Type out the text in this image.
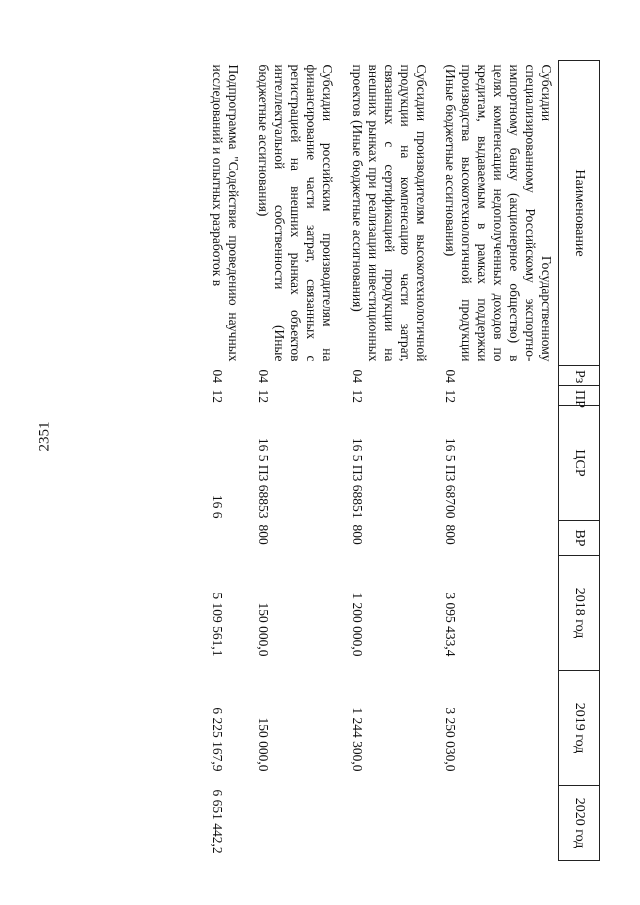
2351
Наименование	Рз	ПР	ЦСР	ВР	2018 год	2019 год	2020 год
Субсидии Государственному специализированному Российскому экспортно-импортному банку (акционерное общество) в целях компенсации недополученных доходов по кредитам, выдаваемым в рамках поддержки производства высокотехнологичной продукции (Иные бюджетные ассигнования)	04	12	16 5 П3 68700	800	3 095 433,4	3 250 030,0	
Субсидии производителям высокотехнологичной продукции на компенсацию части затрат, связанных с сертификацией продукции на внешних рынках при реализации инвестиционных проектов (Иные бюджетные ассигнования)	04	12	16 5 П3 68851	800	1 200 000,0	1 244 300,0	
Субсидии российским производителям на финансирование части затрат, связанных с регистрацией на внешних рынках объектов интеллектуальной собственности (Иные бюджетные ассигнования)	04	12	16 5 П3 68853	800	150 000,0	150 000,0	
Подпрограмма "Содействие проведению научных исследований и опытных разработок в	04	12	16 6		5 109 561,1	6 225 167,9	6 651 442,2
